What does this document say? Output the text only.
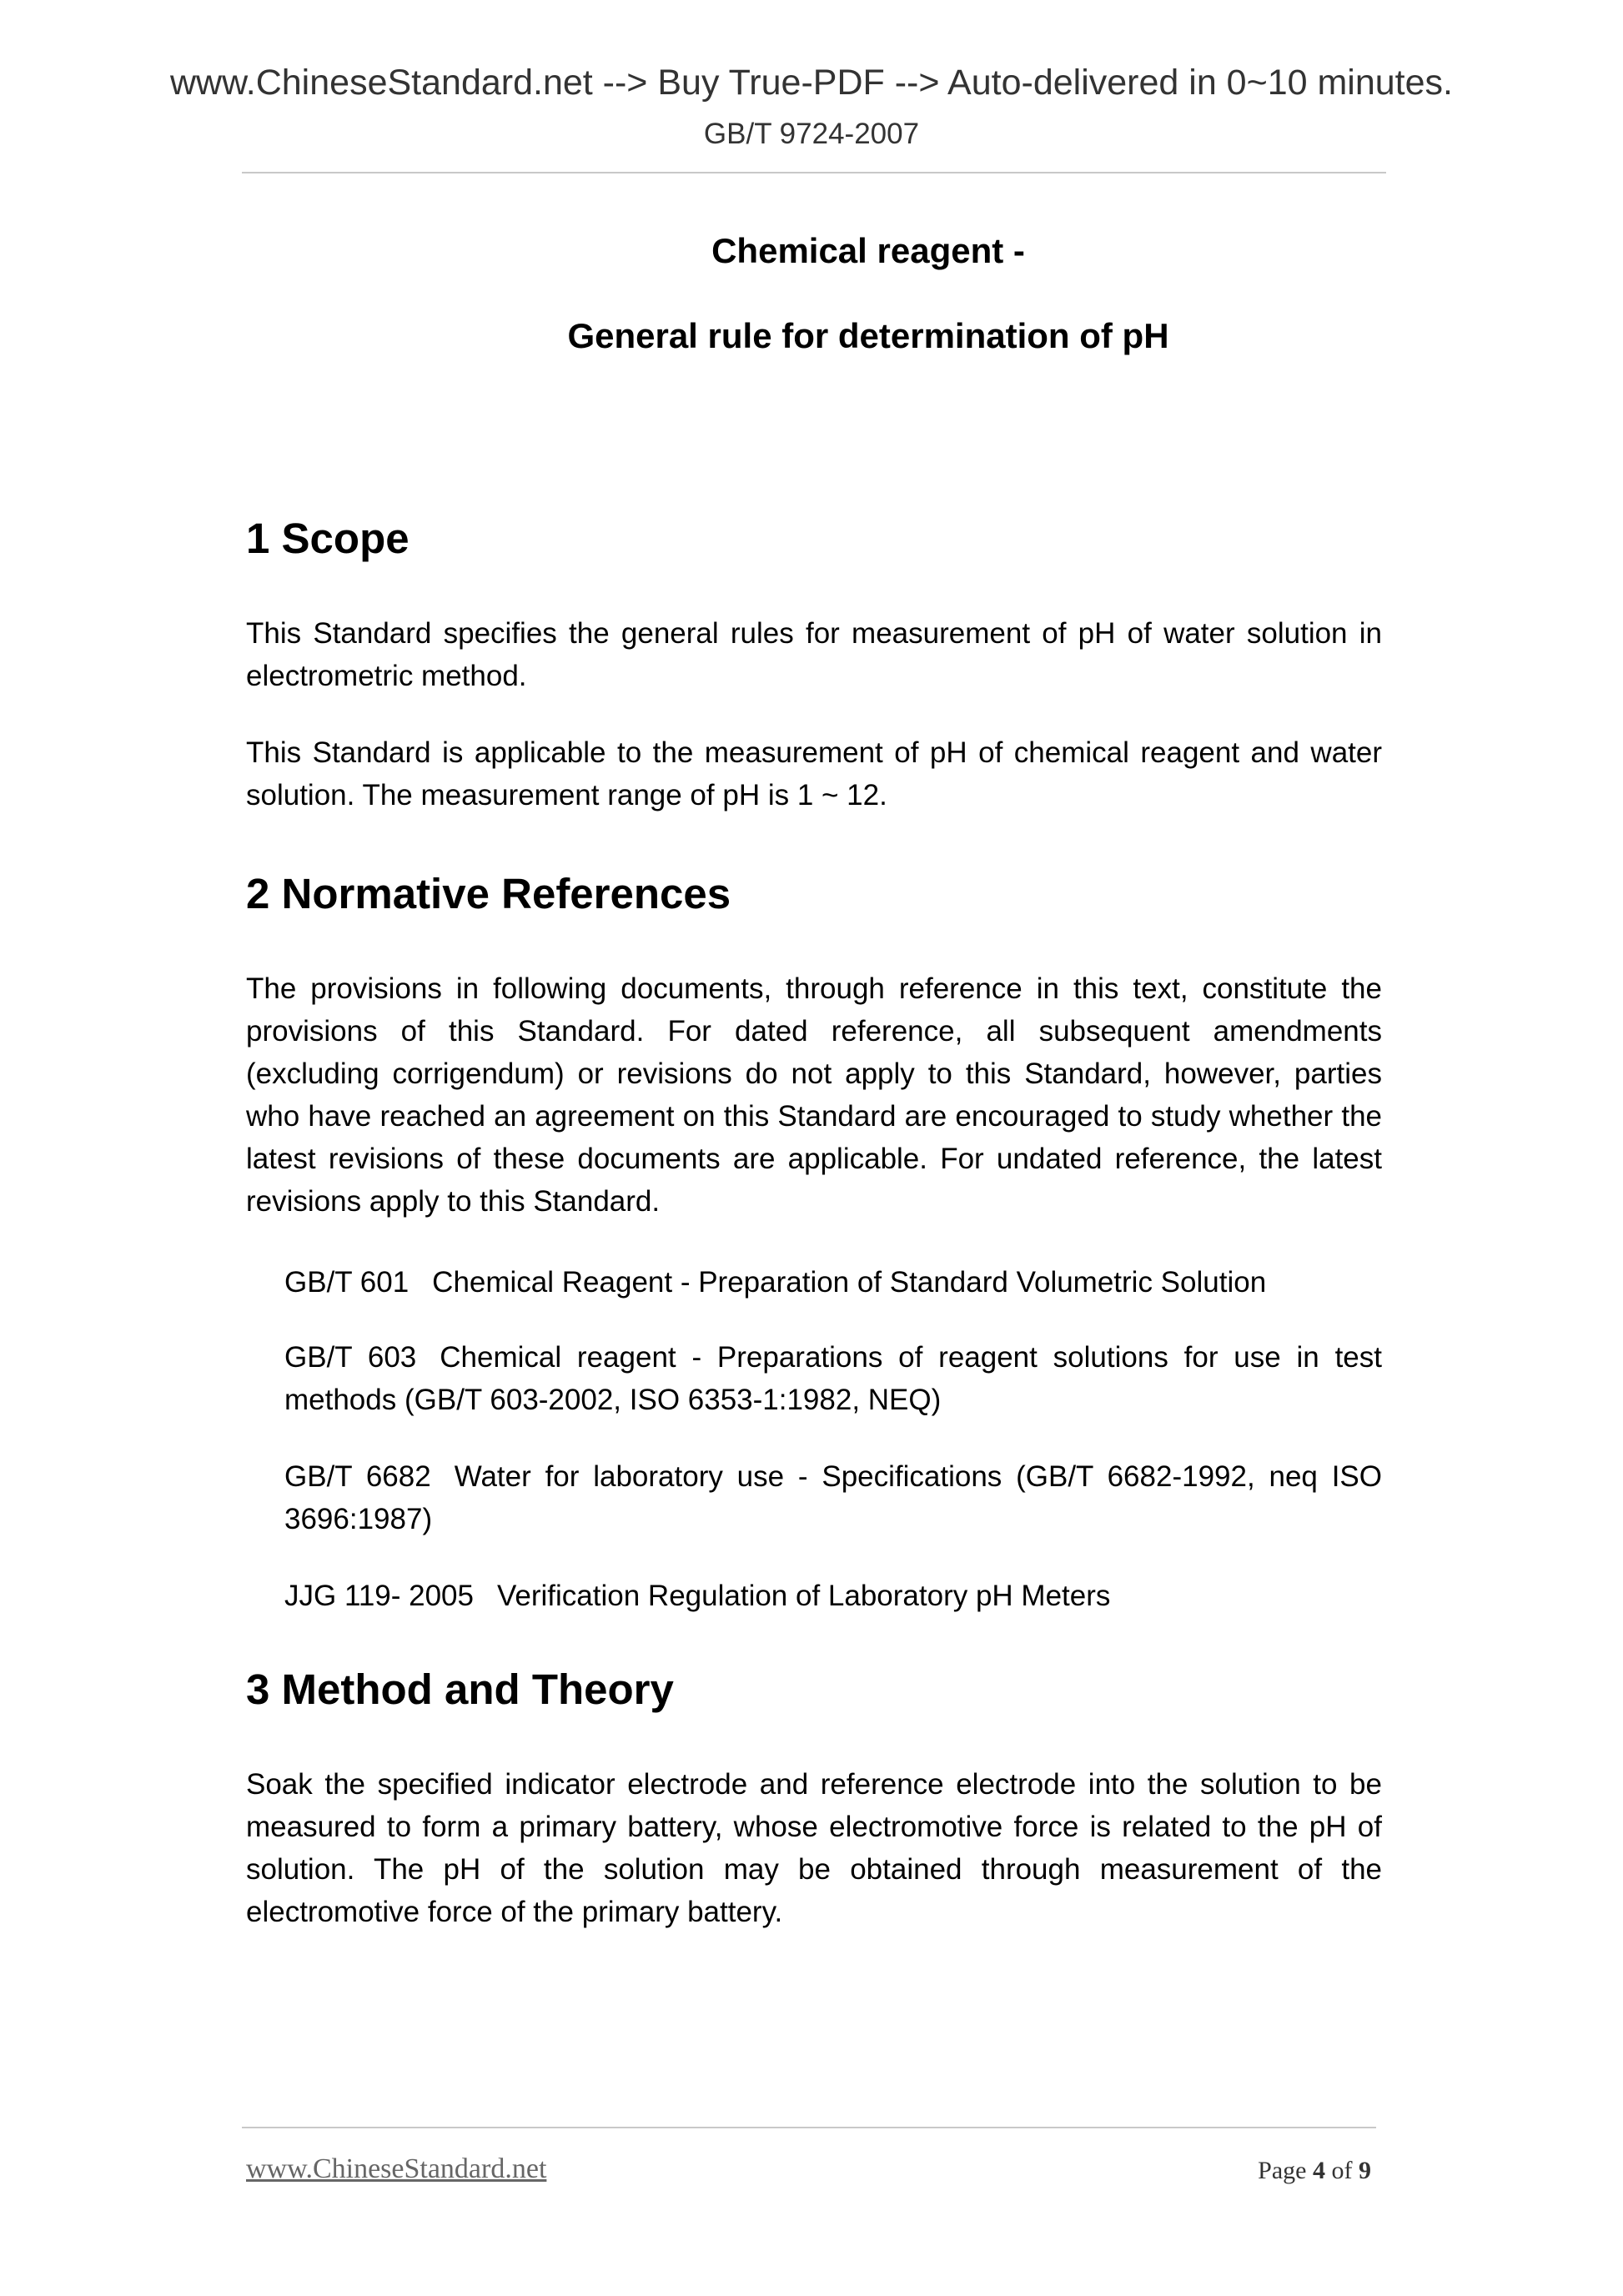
www.ChineseStandard.net --> Buy True-PDF --> Auto-delivered in 0~10 minutes.
GB/T 9724-2007
Chemical reagent -
General rule for determination of pH
1 Scope

This Standard specifies the general rules for measurement of pH of water solution in electrometric method.

This Standard is applicable to the measurement of pH of chemical reagent and water solution. The measurement range of pH is 1 ~ 12.

2 Normative References

The provisions in following documents, through reference in this text, constitute the provisions of this Standard. For dated reference, all subsequent amendments (excluding corrigendum) or revisions do not apply to this Standard, however, parties who have reached an agreement on this Standard are encouraged to study whether the latest revisions of these documents are applicable. For undated reference, the latest revisions apply to this Standard.

GB/T 601 Chemical Reagent - Preparation of Standard Volumetric Solution

GB/T 603 Chemical reagent - Preparations of reagent solutions for use in test methods (GB/T 603-2002, ISO 6353-1:1982, NEQ)

GB/T 6682 Water for laboratory use - Specifications (GB/T 6682-1992, neq ISO 3696:1987)

JJG 119- 2005 Verification Regulation of Laboratory pH Meters

3 Method and Theory

Soak the specified indicator electrode and reference electrode into the solution to be measured to form a primary battery, whose electromotive force is related to the pH of solution. The pH of the solution may be obtained through measurement of the electromotive force of the primary battery.

www.ChineseStandard.net	Page 4 of 9
